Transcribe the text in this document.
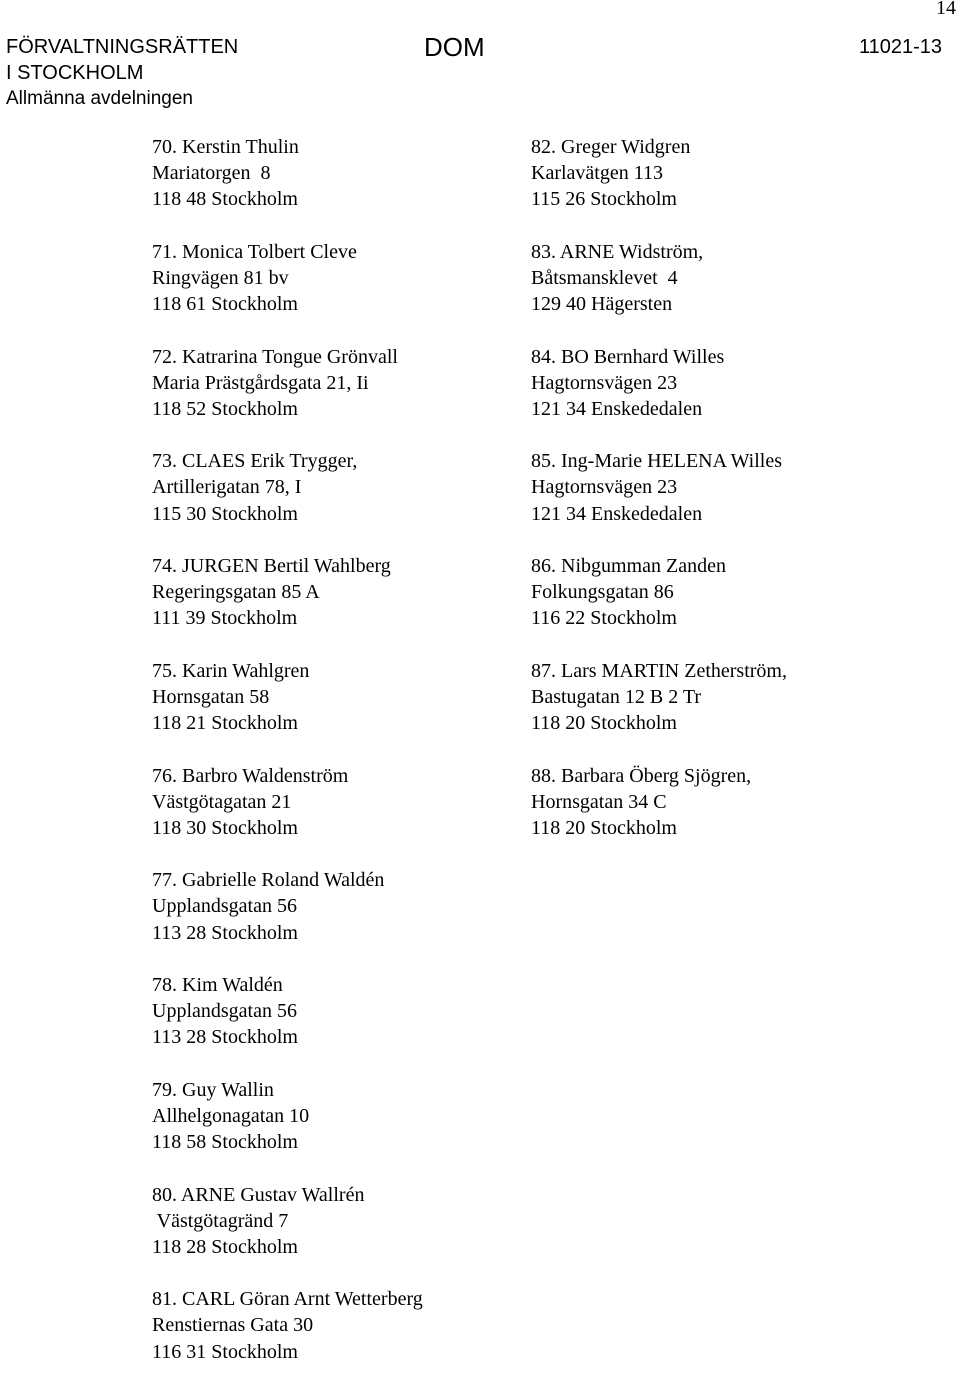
14
FÖRVALTNINGSRÄTTEN
I STOCKHOLM
Allmänna avdelningen
DOM	11021-13
70. Kerstin Thulin
Mariatorgen  8
118 48 Stockholm
71. Monica Tolbert Cleve
Ringvägen 81 bv
118 61 Stockholm
72. Katrarina Tongue Grönvall
Maria Prästgårdsgata 21, Ii
118 52 Stockholm
73. CLAES Erik Trygger,
Artillerigatan 78, I
115 30 Stockholm
74. JURGEN Bertil Wahlberg
Regeringsgatan 85 A
111 39 Stockholm
75. Karin Wahlgren
Hornsgatan 58
118 21 Stockholm
76. Barbro Waldenström
Västgötagatan 21
118 30 Stockholm
77. Gabrielle Roland Waldén
Upplandsgatan 56
113 28 Stockholm
78. Kim Waldén
Upplandsgatan 56
113 28 Stockholm
79. Guy Wallin
Allhelgonagatan 10
118 58 Stockholm
80. ARNE Gustav Wallrén
Västgötagränd 7
118 28 Stockholm
81. CARL Göran Arnt Wetterberg
Renstiernas Gata 30
116 31 Stockholm
82. Greger Widgren
Karlavätgen 113
115 26 Stockholm
83. ARNE Widström,
Båtsmansklevet  4
129 40 Hägersten
84. BO Bernhard Willes
Hagtornsvägen 23
121 34 Enskededalen
85. Ing-Marie HELENA Willes
Hagtornsvägen 23
121 34 Enskededalen
86. Nibgumman Zanden
Folkungsgatan 86
116 22 Stockholm
87. Lars MARTIN Zetherström,
Bastugatan 12 B 2 Tr
118 20 Stockholm
88. Barbara Öberg Sjögren,
Hornsgatan 34 C
118 20 Stockholm
